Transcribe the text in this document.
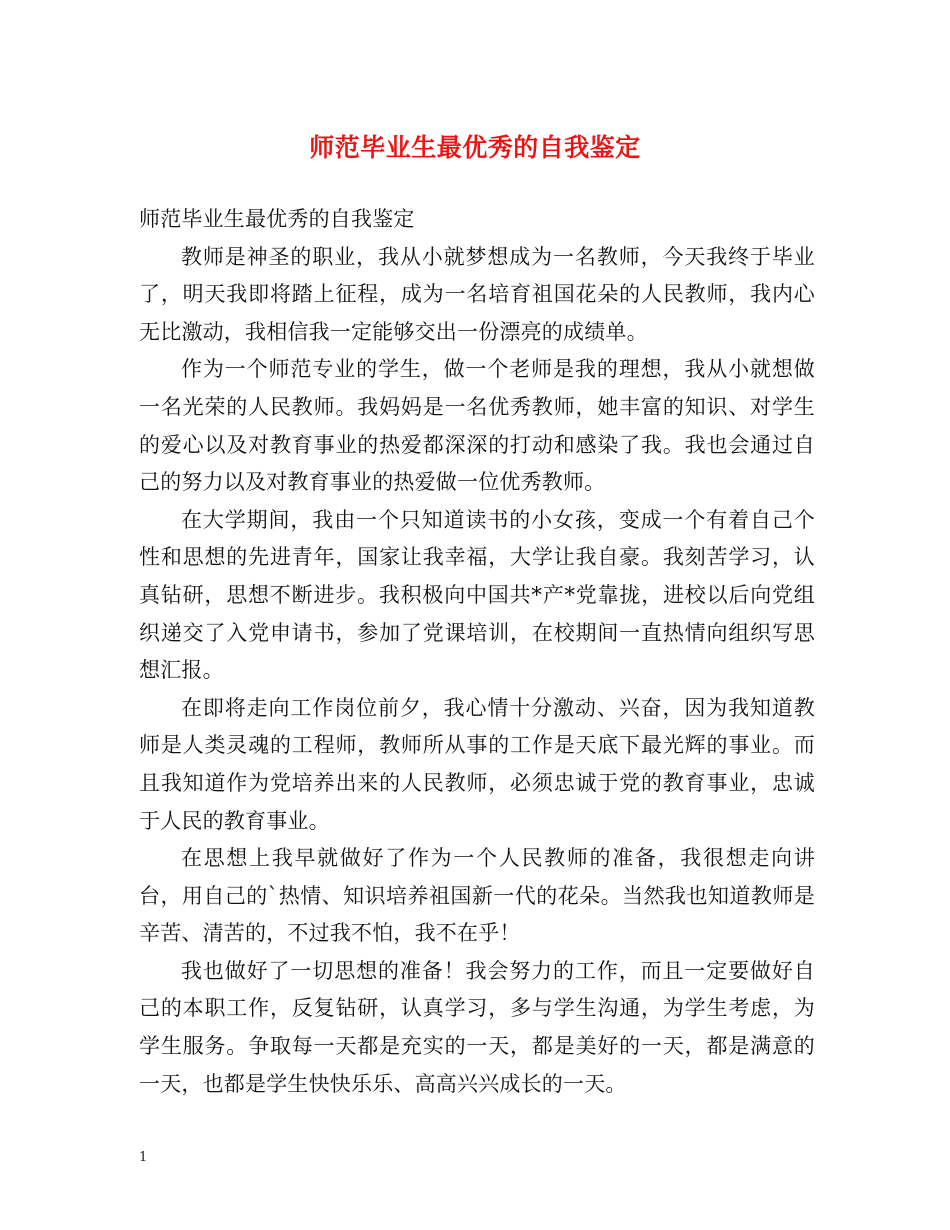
师范毕业生最优秀的自我鉴定

师范毕业生最优秀的自我鉴定

教师是神圣的职业，我从小就梦想成为一名教师，今天我终于毕业了，明天我即将踏上征程，成为一名培育祖国花朵的人民教师，我内心无比激动，我相信我一定能够交出一份漂亮的成绩单。

作为一个师范专业的学生，做一个老师是我的理想，我从小就想做一名光荣的人民教师。我妈妈是一名优秀教师，她丰富的知识、对学生的爱心以及对教育事业的热爱都深深的打动和感染了我。我也会通过自己的努力以及对教育事业的热爱做一位优秀教师。

在大学期间，我由一个只知道读书的小女孩，变成一个有着自己个性和思想的先进青年，国家让我幸福，大学让我自豪。我刻苦学习，认真钻研，思想不断进步。我积极向中国共*产*党靠拢，进校以后向党组织递交了入党申请书，参加了党课培训，在校期间一直热情向组织写思想汇报。

在即将走向工作岗位前夕，我心情十分激动、兴奋，因为我知道教师是人类灵魂的工程师，教师所从事的工作是天底下最光辉的事业。而且我知道作为党培养出来的人民教师，必须忠诚于党的教育事业，忠诚于人民的教育事业。

在思想上我早就做好了作为一个人民教师的准备，我很想走向讲台，用自己的`热情、知识培养祖国新一代的花朵。当然我也知道教师是辛苦、清苦的，不过我不怕，我不在乎！

我也做好了一切思想的准备！我会努力的工作，而且一定要做好自己的本职工作，反复钻研，认真学习，多与学生沟通，为学生考虑，为学生服务。争取每一天都是充实的一天，都是美好的一天，都是满意的一天，也都是学生快快乐乐、高高兴兴成长的一天。

1
